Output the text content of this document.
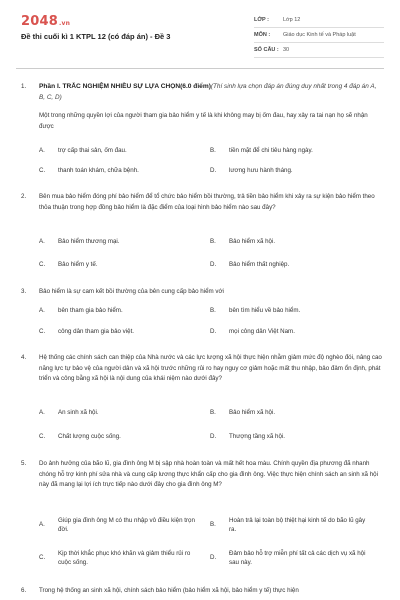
2048.vn
Đề thi cuối kì 1 KTPL 12 (có đáp án) - Đề 3
LỚP :	Lớp 12
MÔN :	Giáo dục Kinh tế và Pháp luật
SỐ CÂU : 30
1. Phần I. TRẮC NGHIỆM NHIỀU SỰ LỰA CHỌN(6.0 điểm)(Thí sinh lựa chọn đáp án đúng duy nhất trong 4 đáp án A, B, C, D)
Một trong những quyền lợi của người tham gia bảo hiểm y tế là khi không may bị ốm đau, hay xảy ra tai nạn họ sẽ nhận được
A.	trợ cấp thai sản, ốm đau.	B.	tiền mặt để chi tiêu hàng ngày.
C.	thanh toán khám, chữa bệnh.	D.	lương hưu hành tháng.
2. Bên mua bảo hiểm đóng phí bảo hiểm để tổ chức bảo hiểm bồi thường, trả tiền bảo hiểm khi xảy ra sự kiện bảo hiểm theo thỏa thuận trong hợp đồng bảo hiểm là đặc điểm của loại hình bảo hiểm nào sau đây?
A.	Bảo hiểm thương mại.	B.	Bảo hiểm xã hội.
C.	Bảo hiểm y tế.	D.	Bảo hiểm thất nghiệp.
3. Bảo hiểm là sự cam kết bồi thường của bên cung cấp bảo hiểm với
A.	bên tham gia bảo hiểm.	B.	bên tìm hiểu về bảo hiểm.
C.	công dân tham gia bảo việt.	D.	mọi công dân Việt Nam.
4. Hệ thống các chính sách can thiệp của Nhà nước và các lực lượng xã hội thực hiện nhằm giảm mức độ nghèo đói, nâng cao năng lực tự bảo vệ của người dân và xã hội trước những rủi ro hay nguy cơ giảm hoặc mất thu nhập, bảo đảm ổn định, phát triển và công bằng xã hội là nội dung của khái niệm nào dưới đây?
A.	An sinh xã hội.	B.	Bảo hiểm xã hội.
C.	Chất lượng cuộc sống.	D.	Thượng tầng xã hội.
5. Do ảnh hưởng của bão lũ, gia đình ông M bị sập nhà hoàn toàn và mất hết hoa màu. Chính quyền địa phương đã nhanh chóng hỗ trợ kinh phí sửa nhà và cung cấp lương thực khẩn cấp cho gia đình ông. Việc thực hiện chính sách an sinh xã hội này đã mang lại lợi ích trực tiếp nào dưới đây cho gia đình ông M?
A.
Giúp gia đình ông M có thu nhập vô điều kiện trọn đời.
B.
Hoàn trả lại toàn bộ thiệt hại kinh tế do bão lũ gây ra.
C.
Kịp thời khắc phục khó khăn và giảm thiểu rủi ro cuộc sống.
D.
Đảm bảo hỗ trợ miễn phí tất cả các dịch vụ xã hội sau này.
6. Trong hệ thống an sinh xã hội, chính sách bảo hiểm (bảo hiểm xã hội, bảo hiểm y tế) thực hiện
